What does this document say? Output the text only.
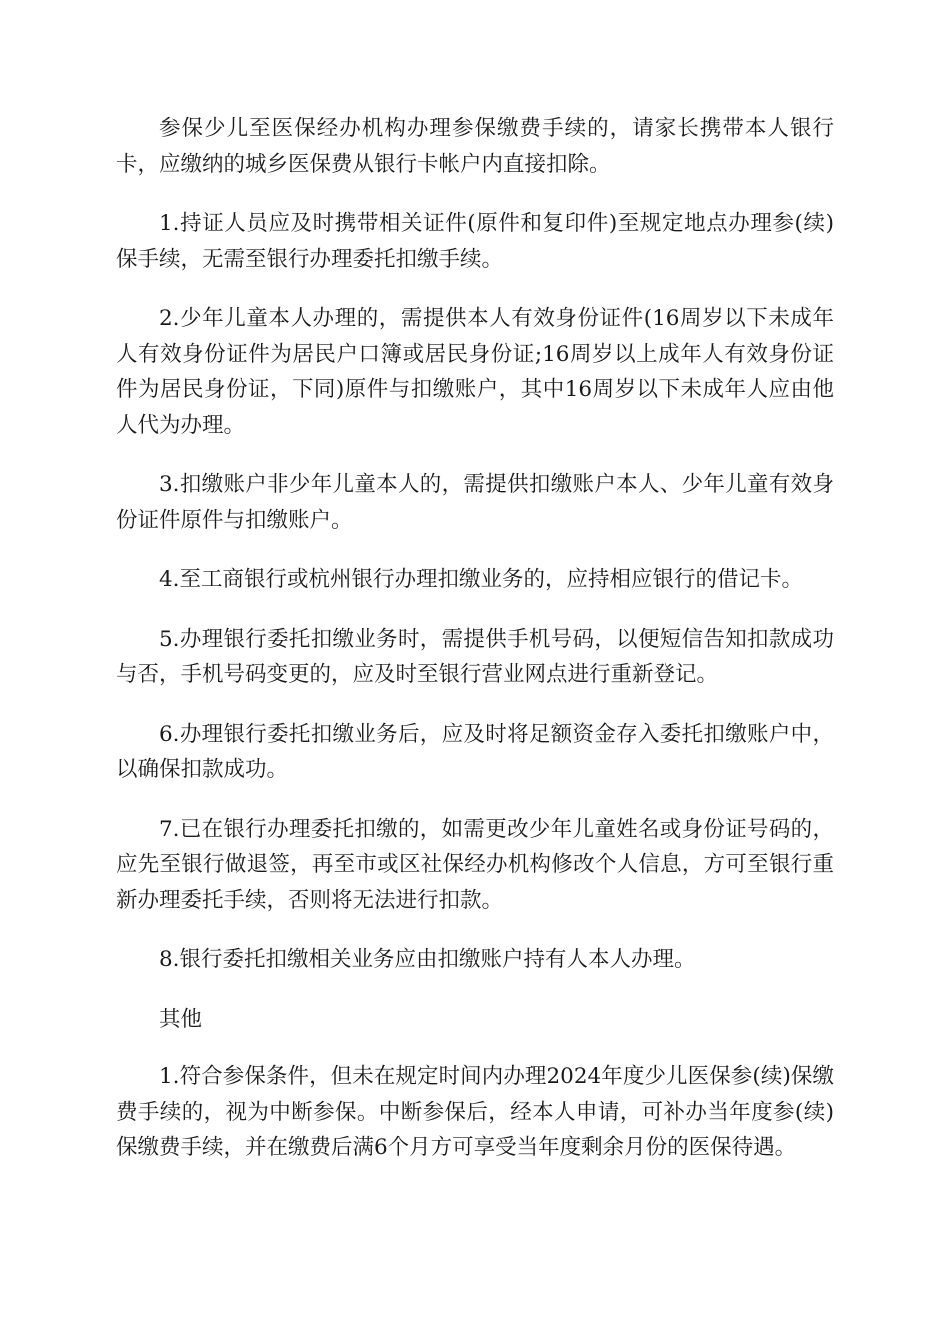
参保少儿至医保经办机构办理参保缴费手续的，请家长携带本人银行卡，应缴纳的城乡医保费从银行卡帐户内直接扣除。

1.持证人员应及时携带相关证件(原件和复印件)至规定地点办理参(续)保手续，无需至银行办理委托扣缴手续。

2.少年儿童本人办理的，需提供本人有效身份证件(16周岁以下未成年人有效身份证件为居民户口簿或居民身份证;16周岁以上成年人有效身份证件为居民身份证，下同)原件与扣缴账户，其中16周岁以下未成年人应由他人代为办理。

3.扣缴账户非少年儿童本人的，需提供扣缴账户本人、少年儿童有效身份证件原件与扣缴账户。

4.至工商银行或杭州银行办理扣缴业务的，应持相应银行的借记卡。

5.办理银行委托扣缴业务时，需提供手机号码，以便短信告知扣款成功与否，手机号码变更的，应及时至银行营业网点进行重新登记。

6.办理银行委托扣缴业务后，应及时将足额资金存入委托扣缴账户中，以确保扣款成功。

7.已在银行办理委托扣缴的，如需更改少年儿童姓名或身份证号码的，应先至银行做退签，再至市或区社保经办机构修改个人信息，方可至银行重新办理委托手续，否则将无法进行扣款。

8.银行委托扣缴相关业务应由扣缴账户持有人本人办理。

其他

1.符合参保条件，但未在规定时间内办理2024年度少儿医保参(续)保缴费手续的，视为中断参保。中断参保后，经本人申请，可补办当年度参(续)保缴费手续，并在缴费后满6个月方可享受当年度剩余月份的医保待遇。
